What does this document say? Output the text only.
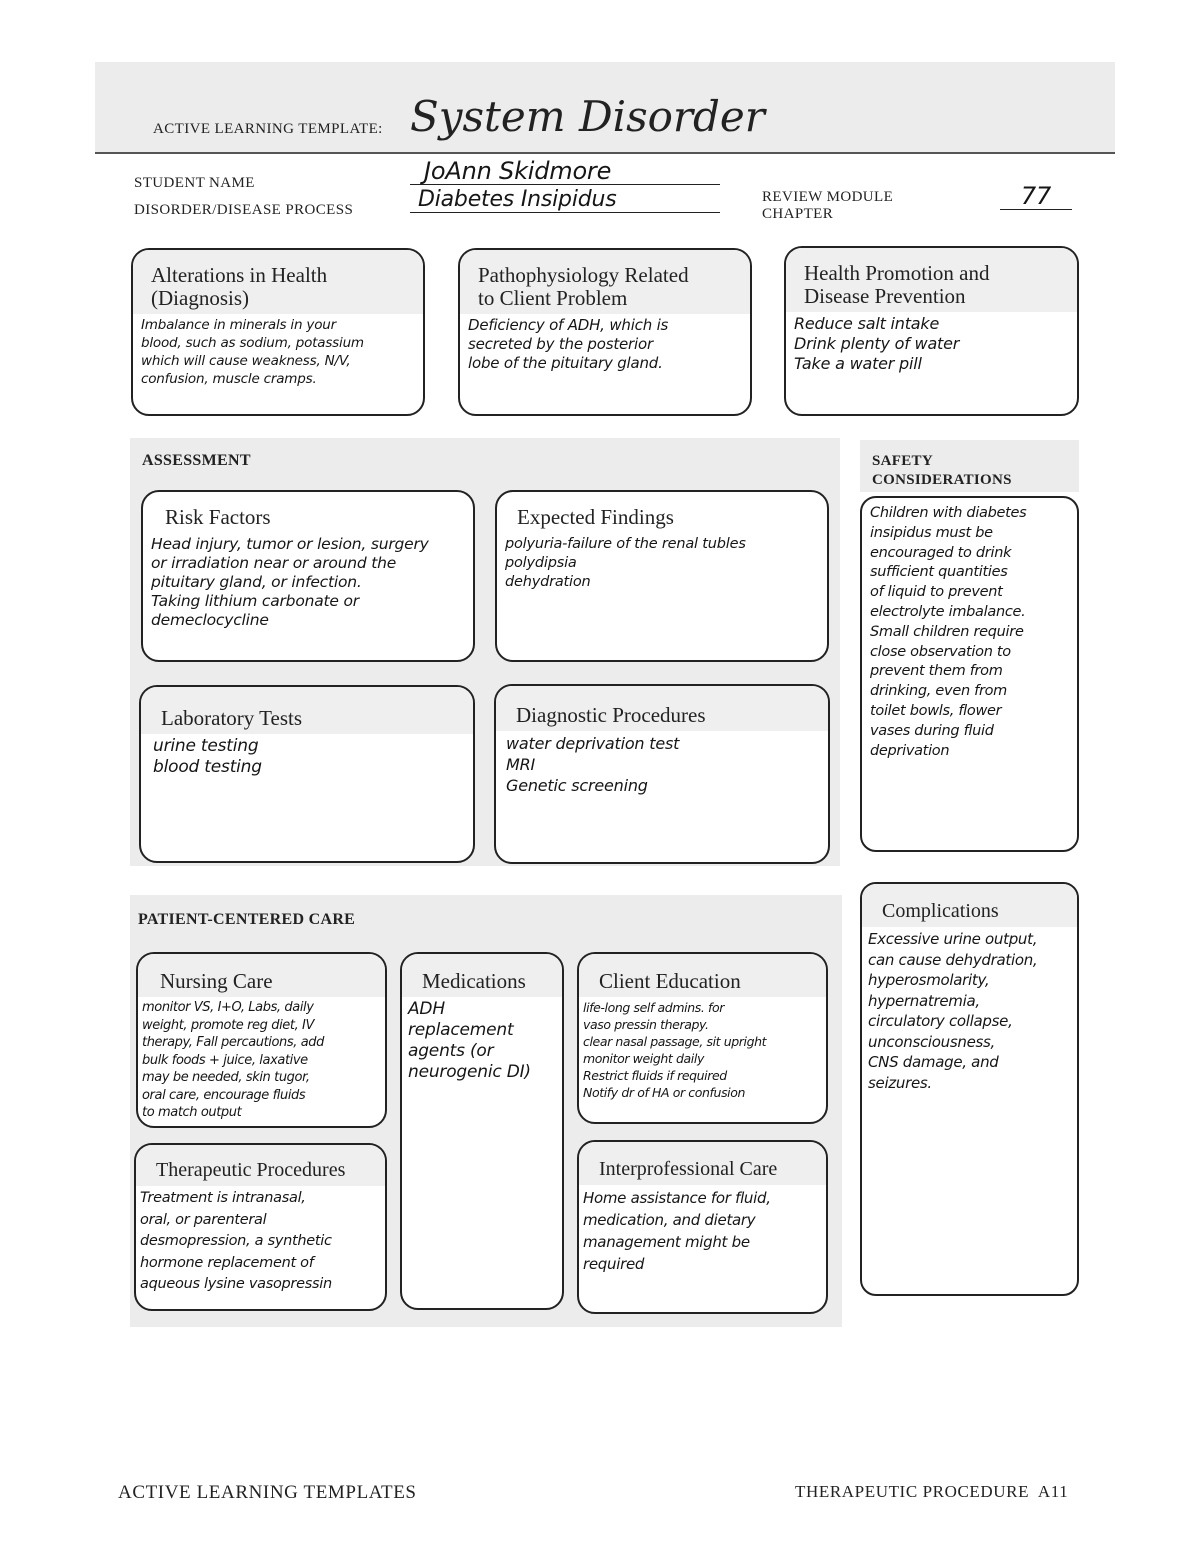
ACTIVE LEARNING TEMPLATE: System Disorder
STUDENT NAME	JoAnn Skidmore
DISORDER/DISEASE PROCESS	Diabetes Insipidus	REVIEW MODULE
CHAPTER
77
Alterations in Health
(Diagnosis)
Imbalance in minerals in your
blood, such as sodium, potassium
which will cause weakness, N/V,
confusion, muscle cramps.
Pathophysiology Related
to Client Problem
Deficiency of ADH, which is
secreted by the posterior
lobe of the pituitary gland.
Health Promotion and
Disease Prevention
Reduce salt intake
Drink plenty of water
Take a water pill
ASSESSMENT
Risk Factors
Head injury, tumor or lesion, surgery
or irradiation near or around the
pituitary gland, or infection.
Taking lithium carbonate or
demeclocycline
Expected Findings
polyuria-failure of the renal tubles
polydipsia
dehydration
Laboratory Tests
urine testing
blood testing
Diagnostic Procedures
water deprivation test
MRI
Genetic screening
SAFETY
CONSIDERATIONS
Children with diabetes
insipidus must be
encouraged to drink
sufficient quantities
of liquid to prevent
electrolyte imbalance.
Small children require
close observation to
prevent them from
drinking, even from
toilet bowls, flower
vases during fluid
deprivation
PATIENT-CENTERED CARE
Nursing Care
monitor VS, I+O, Labs, daily
weight, promote reg diet, IV
therapy, Fall percautions, add
bulk foods + juice, laxative
may be needed, skin tugor,
oral care, encourage fluids
to match output
Medications
ADH
replacement
agents (or
neurogenic DI)
Client Education
life-long self admins. for
vaso pressin therapy.
clear nasal passage, sit upright
monitor weight daily
Restrict fluids if required
Notify dr of HA or confusion
Therapeutic Procedures
Treatment is intranasal,
oral, or parenteral
desmopression, a synthetic
hormone replacement of
aqueous lysine vasopressin
Interprofessional Care
Home assistance for fluid,
medication, and dietary
management might be
required
Complications
Excessive urine output,
can cause dehydration,
hyperosmolarity,
hypernatremia,
circulatory collapse,
unconsciousness,
CNS damage, and
seizures.
ACTIVE LEARNING TEMPLATES	THERAPEUTIC PROCEDURE  A11
